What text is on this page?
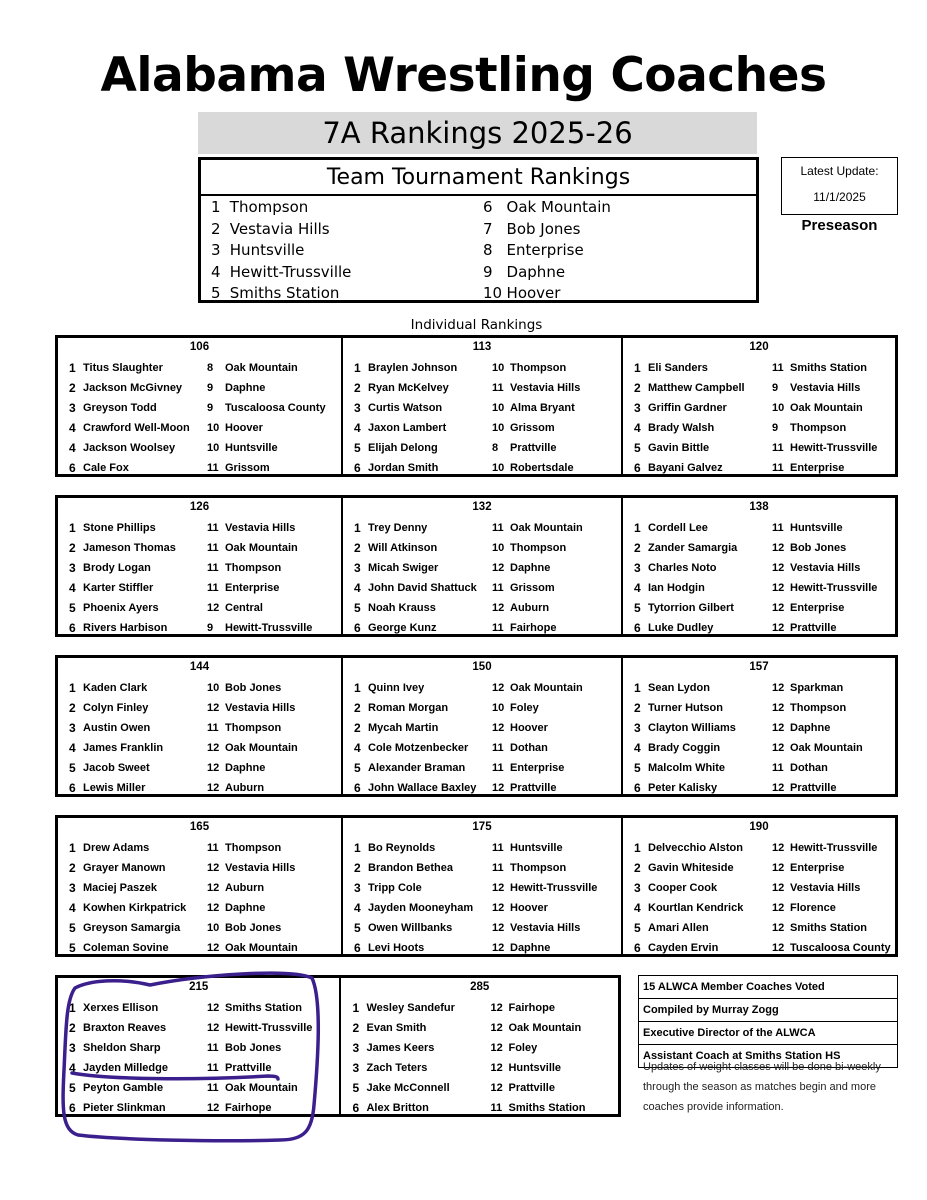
Alabama Wrestling Coaches
7A Rankings 2025-26
Team Tournament Rankings
1 Thompson
2 Vestavia Hills
3 Huntsville
4 Hewitt-Trussville
5 Smiths Station
6 Oak Mountain
7 Bob Jones
8 Enterprise
9 Daphne
10 Hoover
Latest Update:
11/1/2025
Preseason
Individual Rankings
106
1 Titus Slaughter	8 Oak Mountain
2 Jackson McGivney 9 Daphne
3 Greyson Todd	9 Tuscaloosa County
4 Crawford Well-Moon 10 Hoover
4 Jackson Woolsey	10 Huntsville
6 Cale Fox	11 Grissom
113
1 Braylen Johnson	10 Thompson
2 Ryan McKelvey	11 Vestavia Hills
3 Curtis Watson	10 Alma Bryant
4 Jaxon Lambert	10 Grissom
5 Elijah Delong	8 Prattville
6 Jordan Smith	10 Robertsdale
120
1 Eli Sanders	11 Smiths Station
2 Matthew Campbell 9 Vestavia Hills
3 Griffin Gardner	10 Oak Mountain
4 Brady Walsh	9 Thompson
5 Gavin Bittle	11 Hewitt-Trussville
6 Bayani Galvez	11 Enterprise
126
1 Stone Phillips	11 Vestavia Hills
2 Jameson Thomas	11 Oak Mountain
3 Brody Logan	11 Thompson
4 Karter Stiffler	11 Enterprise
5 Phoenix Ayers	12 Central
6 Rivers Harbison	9 Hewitt-Trussville
132
1 Trey Denny	11 Oak Mountain
2 Will Atkinson	10 Thompson
3 Micah Swiger	12 Daphne
4 John David Shattuck 11 Grissom
5 Noah Krauss	12 Auburn
6 George Kunz	11 Fairhope
138
1 Cordell Lee	11 Huntsville
2 Zander Samargia	12 Bob Jones
3 Charles Noto	12 Vestavia Hills
4 Ian Hodgin	12 Hewitt-Trussville
5 Tytorrion Gilbert	12 Enterprise
6 Luke Dudley	12 Prattville
144
1 Kaden Clark	10 Bob Jones
2 Colyn Finley	12 Vestavia Hills
3 Austin Owen	11 Thompson
4 James Franklin	12 Oak Mountain
5 Jacob Sweet	12 Daphne
6 Lewis Miller	12 Auburn
150
1 Quinn Ivey	12 Oak Mountain
2 Roman Morgan	10 Foley
2 Mycah Martin	12 Hoover
4 Cole Motzenbecker 11 Dothan
5 Alexander Braman 11 Enterprise
6 John Wallace Baxley 12 Prattville
157
1 Sean Lydon	12 Sparkman
2 Turner Hutson	12 Thompson
3 Clayton Williams	12 Daphne
4 Brady Coggin	12 Oak Mountain
5 Malcolm White	11 Dothan
6 Peter Kalisky	12 Prattville
165
1 Drew Adams	11 Thompson
2 Grayer Manown	12 Vestavia Hills
3 Maciej Paszek	12 Auburn
4 Kowhen Kirkpatrick 12 Daphne
5 Greyson Samargia 10 Bob Jones
5 Coleman Sovine	12 Oak Mountain
175
1 Bo Reynolds	11 Huntsville
2 Brandon Bethea	11 Thompson
3 Tripp Cole	12 Hewitt-Trussville
4 Jayden Mooneyham 12 Hoover
5 Owen Willbanks	12 Vestavia Hills
6 Levi Hoots	12 Daphne
190
1 Delvecchio Alston	12 Hewitt-Trussville
2 Gavin Whiteside	12 Enterprise
3 Cooper Cook	12 Vestavia Hills
4 Kourtlan Kendrick	12 Florence
5 Amari Allen	12 Smiths Station
6 Cayden Ervin	12 Tuscaloosa County
215
1 Xerxes Ellison	12 Smiths Station
2 Braxton Reaves	12 Hewitt-Trussville
3 Sheldon Sharp	11 Bob Jones
4 Jayden Milledge	11 Prattville
5 Peyton Gamble	11 Oak Mountain
6 Pieter Slinkman	12 Fairhope
285
1 Wesley Sandefur	12 Fairhope
2 Evan Smith	12 Oak Mountain
3 James Keers	12 Foley
3 Zach Teters	12 Huntsville
5 Jake McConnell	12 Prattville
6 Alex Britton	11 Smiths Station
15 ALWCA Member Coaches Voted
Compiled by Murray Zogg
Executive Director of the ALWCA
Assistant Coach at Smiths Station HS
Updates of weight classes will be done bi-weekly through the season as matches begin and more coaches provide information.
